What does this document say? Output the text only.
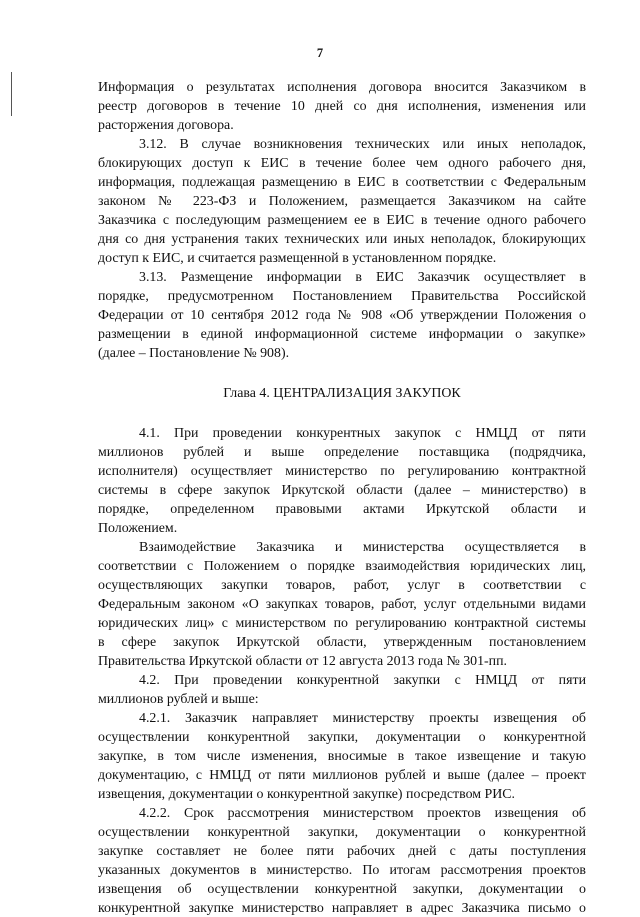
7
Информация о результатах исполнения договора вносится Заказчиком в
реестр договоров в течение 10 дней со дня исполнения, изменения или
расторжения договора.
3.12. В случае возникновения технических или иных неполадок,
блокирующих доступ к ЕИС в течение более чем одного рабочего дня,
информация, подлежащая размещению в ЕИС в соответствии с Федеральным
законом № 223-ФЗ и Положением, размещается Заказчиком на сайте
Заказчика с последующим размещением ее в ЕИС в течение одного рабочего
дня со дня устранения таких технических или иных неполадок, блокирующих
доступ к ЕИС, и считается размещенной в установленном порядке.
3.13. Размещение информации в ЕИС Заказчик осуществляет в
порядке, предусмотренном Постановлением Правительства Российской
Федерации от 10 сентября 2012 года № 908 «Об утверждении Положения о
размещении в единой информационной системе информации о закупке»
(далее – Постановление № 908).
Глава 4. ЦЕНТРАЛИЗАЦИЯ ЗАКУПОК
4.1. При проведении конкурентных закупок с НМЦД от пяти
миллионов рублей и выше определение поставщика (подрядчика,
исполнителя) осуществляет министерство по регулированию контрактной
системы в сфере закупок Иркутской области (далее – министерство) в
порядке, определенном правовыми актами Иркутской области и
Положением.
Взаимодействие Заказчика и министерства осуществляется в
соответствии с Положением о порядке взаимодействия юридических лиц,
осуществляющих закупки товаров, работ, услуг в соответствии с
Федеральным законом «О закупках товаров, работ, услуг отдельными видами
юридических лиц» с министерством по регулированию контрактной системы
в сфере закупок Иркутской области, утвержденным постановлением
Правительства Иркутской области от 12 августа 2013 года № 301-пп.
4.2. При проведении конкурентной закупки с НМЦД от пяти
миллионов рублей и выше:
4.2.1. Заказчик направляет министерству проекты извещения об
осуществлении конкурентной закупки, документации о конкурентной
закупке, в том числе изменения, вносимые в такое извещение и такую
документацию, с НМЦД от пяти миллионов рублей и выше (далее – проект
извещения, документации о конкурентной закупке) посредством РИС.
4.2.2. Срок рассмотрения министерством проектов извещения об
осуществлении конкурентной закупки, документации о конкурентной
закупке составляет не более пяти рабочих дней с даты поступления
указанных документов в министерство. По итогам рассмотрения проектов
извещения об осуществлении конкурентной закупки, документации о
конкурентной закупке министерство направляет в адрес Заказчика письмо о
